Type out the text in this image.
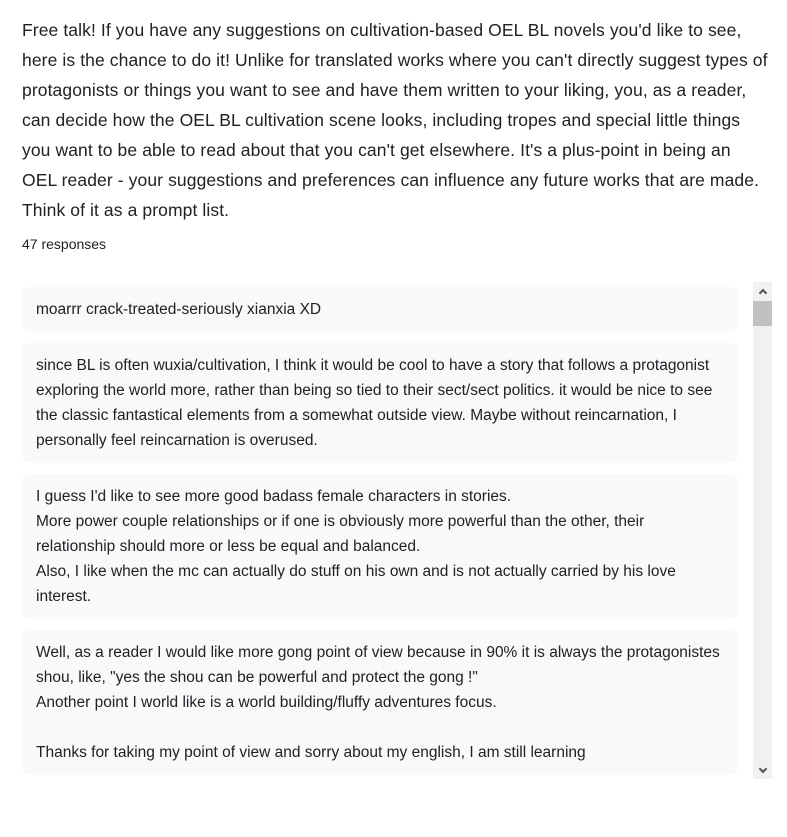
Free talk! If you have any suggestions on cultivation-based OEL BL novels you'd like to see, here is the chance to do it! Unlike for translated works where you can't directly suggest types of protagonists or things you want to see and have them written to your liking, you, as a reader, can decide how the OEL BL cultivation scene looks, including tropes and special little things you want to be able to read about that you can't get elsewhere. It's a plus-point in being an OEL reader - your suggestions and preferences can influence any future works that are made. Think of it as a prompt list.
47 responses
moarrr crack-treated-seriously xianxia XD
since BL is often wuxia/cultivation, I think it would be cool to have a story that follows a protagonist exploring the world more, rather than being so tied to their sect/sect politics. it would be nice to see the classic fantastical elements from a somewhat outside view. Maybe without reincarnation, I personally feel reincarnation is overused.
I guess I'd like to see more good badass female characters in stories.
More power couple relationships or if one is obviously more powerful than the other, their relationship should more or less be equal and balanced.
Also, I like when the mc can actually do stuff on his own and is not actually carried by his love interest.
Well, as a reader I would like more gong point of view because in 90% it is always the protagonistes shou, like, "yes the shou can be powerful and protect the gong !"
Another point I world like is a world building/fluffy adventures focus.

Thanks for taking my point of view and sorry about my english, I am still learning
